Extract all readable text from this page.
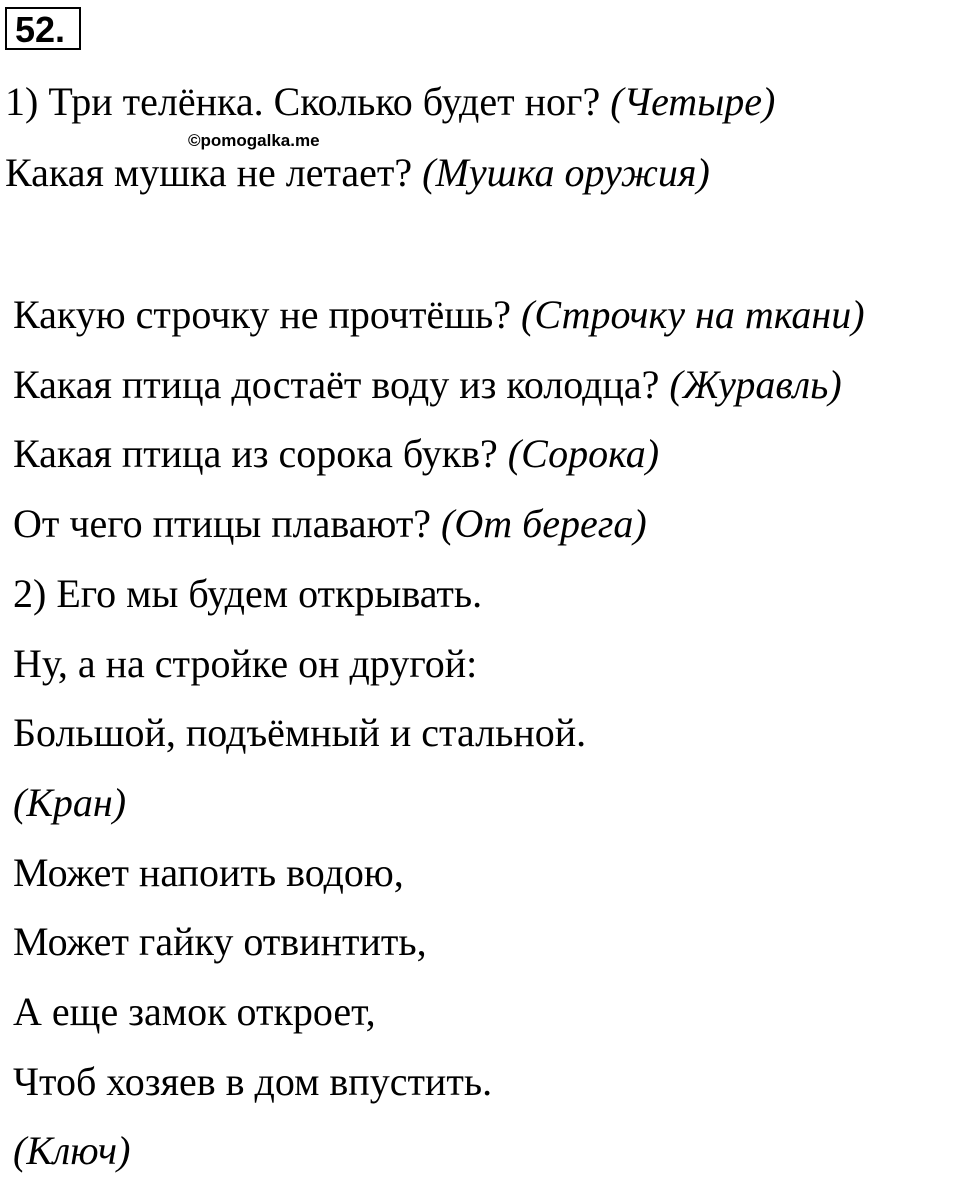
52.
1) Три телёнка. Сколько будет ног? (Четыре)
©pomogalka.me
Какая мушка не летает? (Мушка оружия)
Какую строчку не прочтёшь? (Строчку на ткани)
Какая птица достаёт воду из колодца? (Журавль)
Какая птица из сорока букв? (Сорока)
От чего птицы плавают? (От берега)
2) Его мы будем открывать.
Ну, а на стройке он другой:
Большой, подъёмный и стальной.
(Кран)
Может напоить водою,
Может гайку отвинтить,
А еще замок откроет,
Чтоб хозяев в дом впустить.
(Ключ)
